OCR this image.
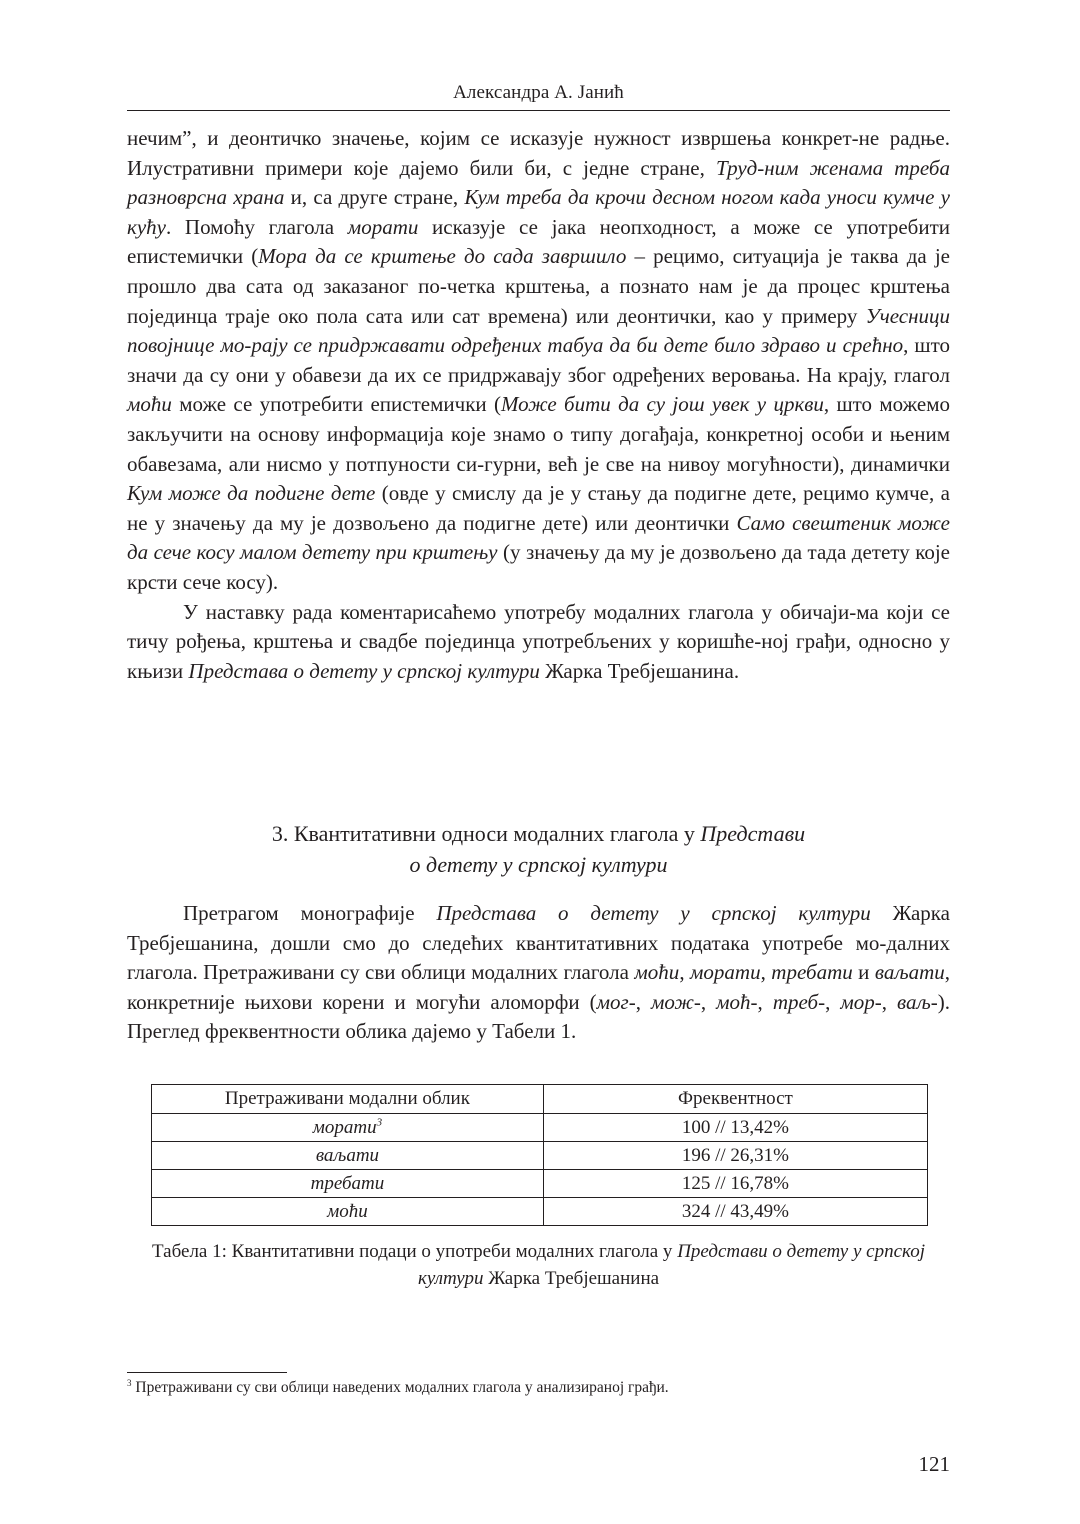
Александра А. Јанић

нечим”, и деонтичко значење, којим се исказује нужност извршења конкрет-не радње. Илустративни примери које дајемо били би, с једне стране, Труд-ним женама треба разноврсна храна и, са друге стране, Кум треба да крочи десном ногом када уноси кумче у кућу. Помоћу глагола морати исказује се јака неопходност, а може се употребити епистемички (Мора да се крштење до сада завршило – рецимо, ситуација је таква да је прошло два сата од заказаног по-четка крштења, а познато нам је да процес крштења појединца траје око пола сата или сат времена) или деонтички, као у примеру Учесници повојнице мо-рају се придржавати одређених табуа да би дете било здраво и срећно, што значи да су они у обавези да их се придржавају због одређених веровања. На крају, глагол моћи може се употребити епистемички (Може бити да су још увек у цркви, што можемо закључити на основу информација које знамо о типу догађаја, конкретној особи и њеним обавезама, али нисмо у потпуности си-гурни, већ је све на нивоу могућности), динамички Кум може да подигне дете (овде у смислу да је у стању да подигне дете, рецимо кумче, а не у значењу да му је дозвољено да подигне дете) или деонтички Само свештеник може да сече косу малом детету при крштењу (у значењу да му је дозвољено да тада детету које крсти сече косу).

У наставку рада коментарисаћемо употребу модалних глагола у обичаји-ма који се тичу рођења, крштења и свадбе појединца употребљених у коришће-ној грађи, односно у књизи Представа о детету у српској култури Жарка Требјешанина.

3. Квантитативни односи модалних глагола у Представи
о детету у српској култури

Претрагом монографије Представа о детету у српској култури Жарка Требјешанина, дошли смо до следећих квантитативних података употребе мо-далних глагола. Претраживани су сви облици модалних глагола моћи, морати, требати и ваљати, конкретније њихови корени и могући аломорфи (мог-, мож-, моћ-, треб-, мор-, ваљ-). Преглед фреквентности облика дајемо у Табели 1.

Претраживани модални облик	Фреквентност
морати$^3$	100 // 13,42%
ваљати	196 // 26,31%
требати	125 // 16,78%
моћи	324 // 43,49%
Табела 1: Квантитативни подаци о употреби модалних глагола у Представи о детету у српској култури Жарка Требјешанина
$^3$ Претраживани су сви облици наведених модалних глагола у анализираној грађи.
121
